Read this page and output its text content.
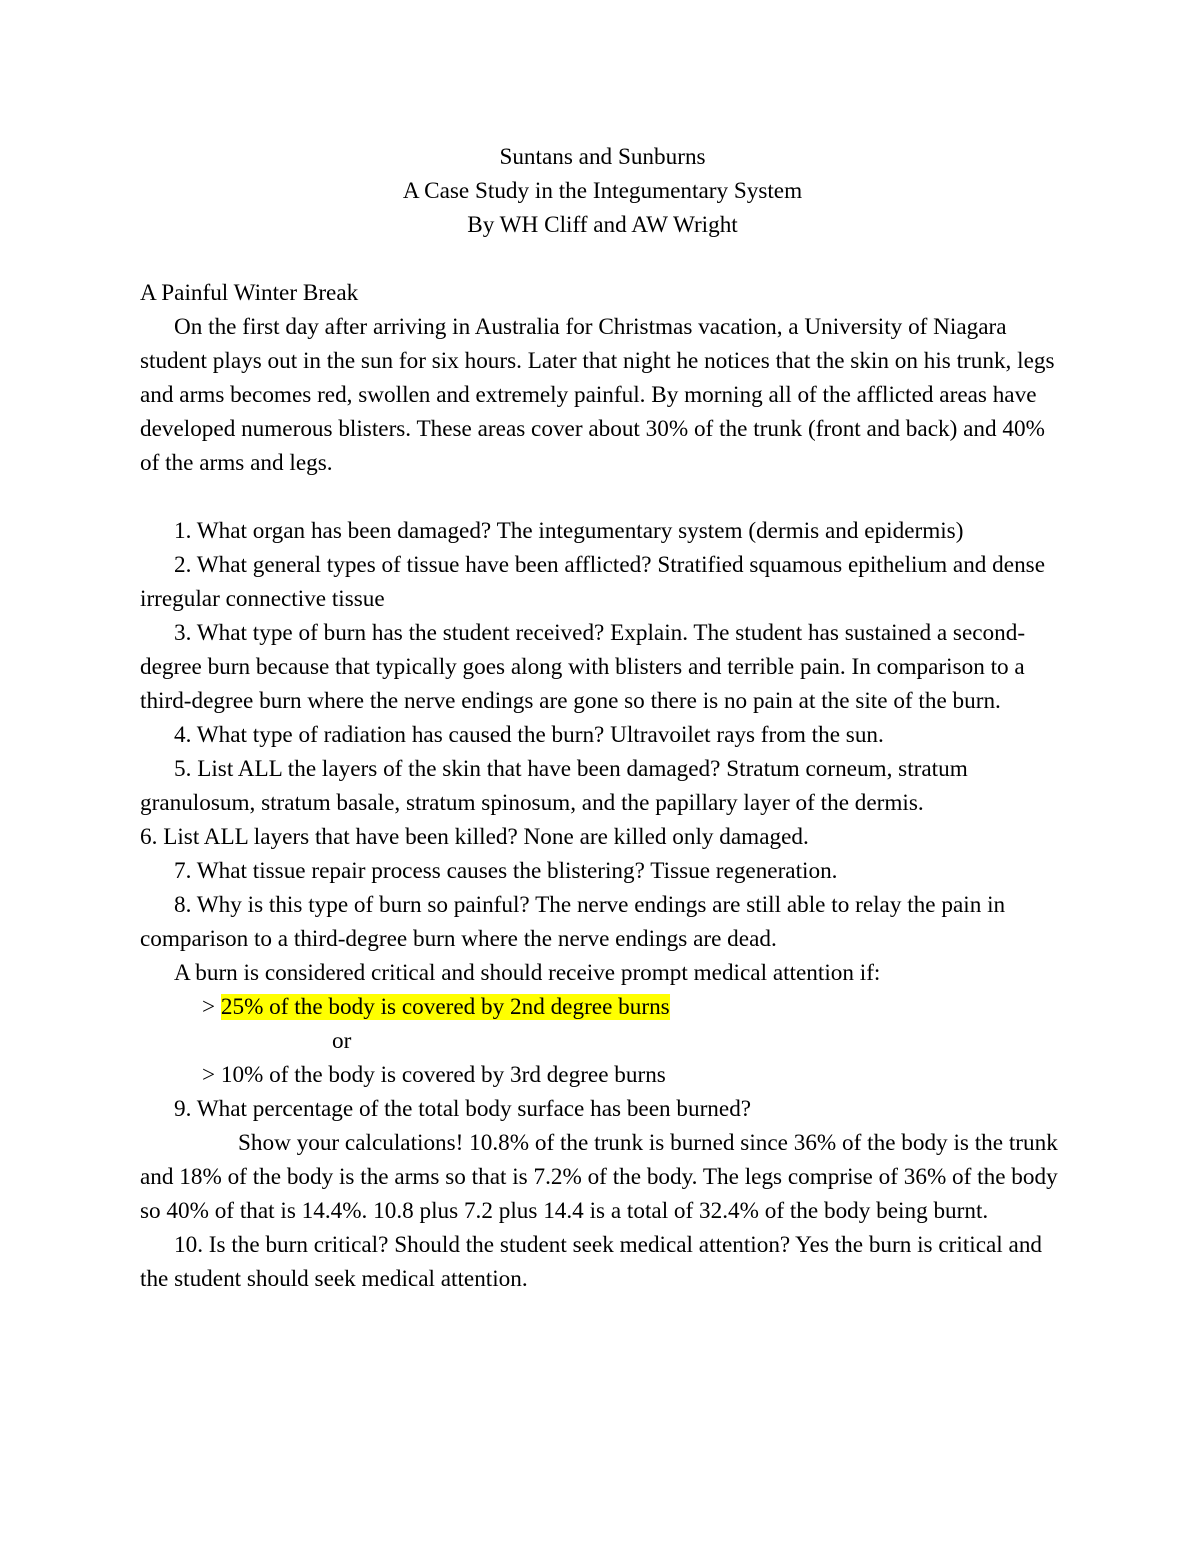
Suntans and Sunburns

A Case Study in the Integumentary System

By WH Cliff and AW Wright

A Painful Winter Break

On the first day after arriving in Australia for Christmas vacation, a University of Niagara student plays out in the sun for six hours. Later that night he notices that the skin on his trunk, legs and arms becomes red, swollen and extremely painful. By morning all of the afflicted areas have developed numerous blisters. These areas cover about 30% of the trunk (front and back) and 40% of the arms and legs.

1. What organ has been damaged? The integumentary system (dermis and epidermis)

2. What general types of tissue have been afflicted? Stratified squamous epithelium and dense irregular connective tissue

3. What type of burn has the student received? Explain. The student has sustained a second-degree burn because that typically goes along with blisters and terrible pain. In comparison to a third-degree burn where the nerve endings are gone so there is no pain at the site of the burn.

4. What type of radiation has caused the burn? Ultravoilet rays from the sun.

5. List ALL the layers of the skin that have been damaged? Stratum corneum, stratum granulosum, stratum basale, stratum spinosum, and the papillary layer of the dermis.

6. List ALL layers that have been killed? None are killed only damaged.

7. What tissue repair process causes the blistering? Tissue regeneration.

8. Why is this type of burn so painful? The nerve endings are still able to relay the pain in comparison to a third-degree burn where the nerve endings are dead.

A burn is considered critical and should receive prompt medical attention if:

> 25% of the body is covered by 2nd degree burns

or

> 10% of the body is covered by 3rd degree burns

9. What percentage of the total body surface has been burned?

Show your calculations! 10.8% of the trunk is burned since 36% of the body is the trunk and 18% of the body is the arms so that is 7.2% of the body. The legs comprise of 36% of the body so 40% of that is 14.4%. 10.8 plus 7.2 plus 14.4 is a total of 32.4% of the body being burnt.

10. Is the burn critical? Should the student seek medical attention? Yes the burn is critical and the student should seek medical attention.
